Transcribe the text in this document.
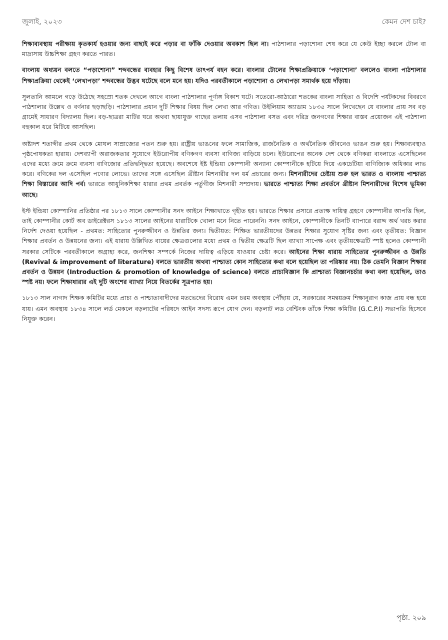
জুলাই, ২০২৩	কেমন দেশ চাই?

শিক্ষাব্যবস্থায় পরীক্ষায় কৃতকার্য হওয়ার জন্য বাছাই করে পড়ার বা ফাঁকি দেওয়ার অবকাশ ছিল না। পাঠশালার পড়াশোনা শেষ করে যে কেউ ইচ্ছা করলে টোল বা মাদ্রাসায় উচ্চশিক্ষা গ্রহণ করতে পারত।

বাংলায় অধ্যয়ন বলতে “পড়াশোনা” শব্দবন্ধের ব্যবহার কিছু বিশেষ তাৎপর্য বহন করে। বাংলার টোলের শিক্ষাপ্রক্রিয়াকে ‘পড়াশোনা’ বললেও বাংলা পাঠশালার শিক্ষাপ্রক্রিয়া থেকেই ‘লেখাপড়া’ শব্দবন্ধের উদ্ভব ঘটেছে বলে মনে হয়। যদিও পরবর্তীকালে পড়াশোনা ও লেখাপড়া সমার্থক হয়ে দাঁড়ায়।

সুলতানি আমলে গড়ে উঠেছে সহস্রো শতক দেখলে আগে বাংলা পাঠশালার পূর্ণাঙ্গ বিকাশ ঘটে। সতেরো-আঠারো শতকের বাংলা সাহিত্য ও বিদেশি পর্যটকদের বিবরণে পাঠশালার উল্লেখ ও বর্ণনার ছড়াছড়ি। পাঠশালার প্রধান দুটি শিক্ষার বিষয় ছিল লেখা আর গণিত। উইলিয়াম অ্যাডাম ১৮৩৫ সালে লিখেছেন যে বাংলার প্রায় সব বড় গ্রামেই সাধারণ বিদ্যালয় ছিল। বড়-ছাত্ররা মাটির ঘরে অথবা ছায়াযুক্ত গাছের তলায় এসব পাঠশালা বসত এবং দরিদ্র জনগণের শিক্ষার বাস্তব প্রয়োজন এই পাঠশালা বহুকাল ধরে মিটিয়ে আসছিল।

অষ্টাদশ শতাব্দীর প্রথম থেকে মোঘল সাম্রাজ্যের পতন শুরু হয়। রাষ্ট্রীয় ভাঙনের ফলে সামাজিক, রাজনৈতিক ও অর্থনৈতিক জীবনেও ভাঙন শুরু হয়। শিক্ষাব্যবস্থাও পৃষ্ঠপোষকতা হারায়। দেশব্যাপী অরাজকতার সুযোগে ইউরোপীয় বণিকগণ ব্যবসা বাণিজ্য বাড়িয়ে চলে। ইউরোপের অনেক দেশ থেকে বণিকরা বাংলাতে এসেছিলেন এদের মধ্যে ক্রমে ক্রমে ব্যবসা বাণিজ্যের প্রতিদ্বন্দ্বিতা হয়েছে। অবশেষে ইষ্ট ইন্ডিয়া কোম্পানী অন্যান্য কোম্পানীকে হটিয়ে দিয়ে একচেটিয়া বাণিজ্যিক অধিকার লাভ করে। বণিকের দল এসেছিল পণ্যের লোভে। তাদের সঙ্গে এসেছিল খ্রীষ্টান মিশনারীর দল ধর্ম প্রচারের জন্য। মিশনারীদের চেষ্টায় শুরু হল ভারত ও বাংলায় পাশ্চাত্য শিক্ষা বিস্তারের আদি পর্ব। ভারতে আধুনিকশিক্ষা ধারার প্রথম প্রবর্তক পর্তুগীজ মিশনারী সম্প্রদায়। ভারতে পাশ্চাত্য শিক্ষা প্রবর্তনে খ্রীষ্টান মিশনারীদের বিশেষ ভূমিকা আছে।

ইস্ট ইন্ডিয়া কোম্পানির প্রতিষ্ঠার পর ১৮১৩ সালে কোম্পানীর সনদ আইনে শিক্ষাখাতে গৃহীত হয়। ভারতে শিক্ষার প্রসারে প্রত্যক্ষ দায়িত্ব গ্রহণে কোম্পানীর আপত্তি ছিল, তাই কোম্পানীর কোর্ট অব ডাইরেক্টরস ১৮১৩ সালের আইনের ধারাটিকে খোলা মনে নিতে পারেননি। সনদ আইনে, কোম্পানীকে তিনটি ব্যাপারে বরাদ্দ অর্থ খরচ করার নির্দেশ দেওয়া হয়েছিল - প্রথমত: সাহিত্যের পুনরুজ্জীবন ও উন্নতির জন্য। দ্বিতীয়ত: শিক্ষিত ভারতীয়দের উন্নতর শিক্ষার সুযোগ সৃষ্টির জন্য এবং তৃতীয়ত: বিজ্ঞান শিক্ষার প্রবর্তন ও উন্নয়নের জন্য। এই ধারায় উল্লিখিত ব্যয়ের ক্ষেত্রগুলোর মধ্যে প্রথম ও দ্বিতীয় ক্ষেত্রটি ছিল ব্যাখ্যা সাপেক্ষ এবং তৃতীয়ক্ষেত্রটি স্পষ্ট হলেও কোম্পানী সরকার সেটিকে পরবর্তীকালে অগ্রাহ্য করে, জনশিক্ষা সম্পর্কে নিজের দায়িত্ব এড়িয়ে যাওয়ার চেষ্টা করে। আইনের শিক্ষা ধারায় সাহিত্যের পুনরুজ্জীবন ও উন্নতি (Revival & improvement of literature) বলতে ভারতীয় অথবা পাশ্চাত্য কোন সাহিত্যের কথা বলে হয়েছিল তা পরিষ্কার নয়। ঠিক তেমনি বিজ্ঞান শিক্ষার প্রবর্তন ও উন্নয়ন (Introduction & promotion of knowledge of science) বলতে প্রাচ্যবিজ্ঞান কি প্রাশ্চাত্য বিজ্ঞানচর্চার কথা বলা হয়েছিল, তাও স্পষ্ট নয়। ফলে শিক্ষাধারার এই দুটি অংশের ব্যাখ্যা নিয়ে বিতর্কের সূত্রপাত হয়।

১৮১৩ সাল নাগাদ শিক্ষক কমিটির মধ্যে প্রাচ্য ও পাশ্চাত্যবাদীদের মতভেদের বিরোধ এমন চরম অবস্থায় পৌঁছায় যে, সরকারের সমন্বয়ক্রম শিক্ষানুরাগ কাজ প্রায় বন্ধ হয়ে যায়। এমন অবস্থায় ১৮৩৪ সালে লর্ড মেকলে বড়লাটের পরিষদে আইন সদস্য রূপে যোগ দেন। বড়লাট লড বেন্টিংক তাঁকে শিক্ষা কমিটির (G.C.P.I) সভাপতি হিসেবে নিযুক্ত করেন।

পৃষ্ঠা. ২০৯
